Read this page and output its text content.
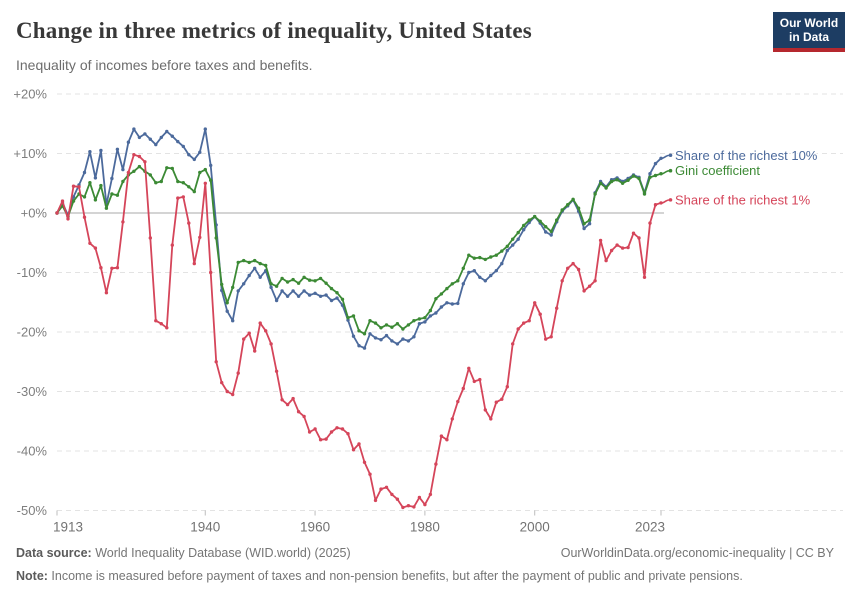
Change in three metrics of inequality, United States
Inequality of incomes before taxes and benefits.
Our World
in Data
+20%
+10%
+0%
-10%
-20%
-30%
-40%
-50%
1913	1940	1960	1980	2000	2023
Share of the richest 10%
Gini coefficient
Share of the richest 1%
Data source: World Inequality Database (WID.world) (2025)	OurWorldinData.org/economic-inequality | CC BY
Note: Income is measured before payment of taxes and non-pension benefits, but after the payment of public and private pensions.
